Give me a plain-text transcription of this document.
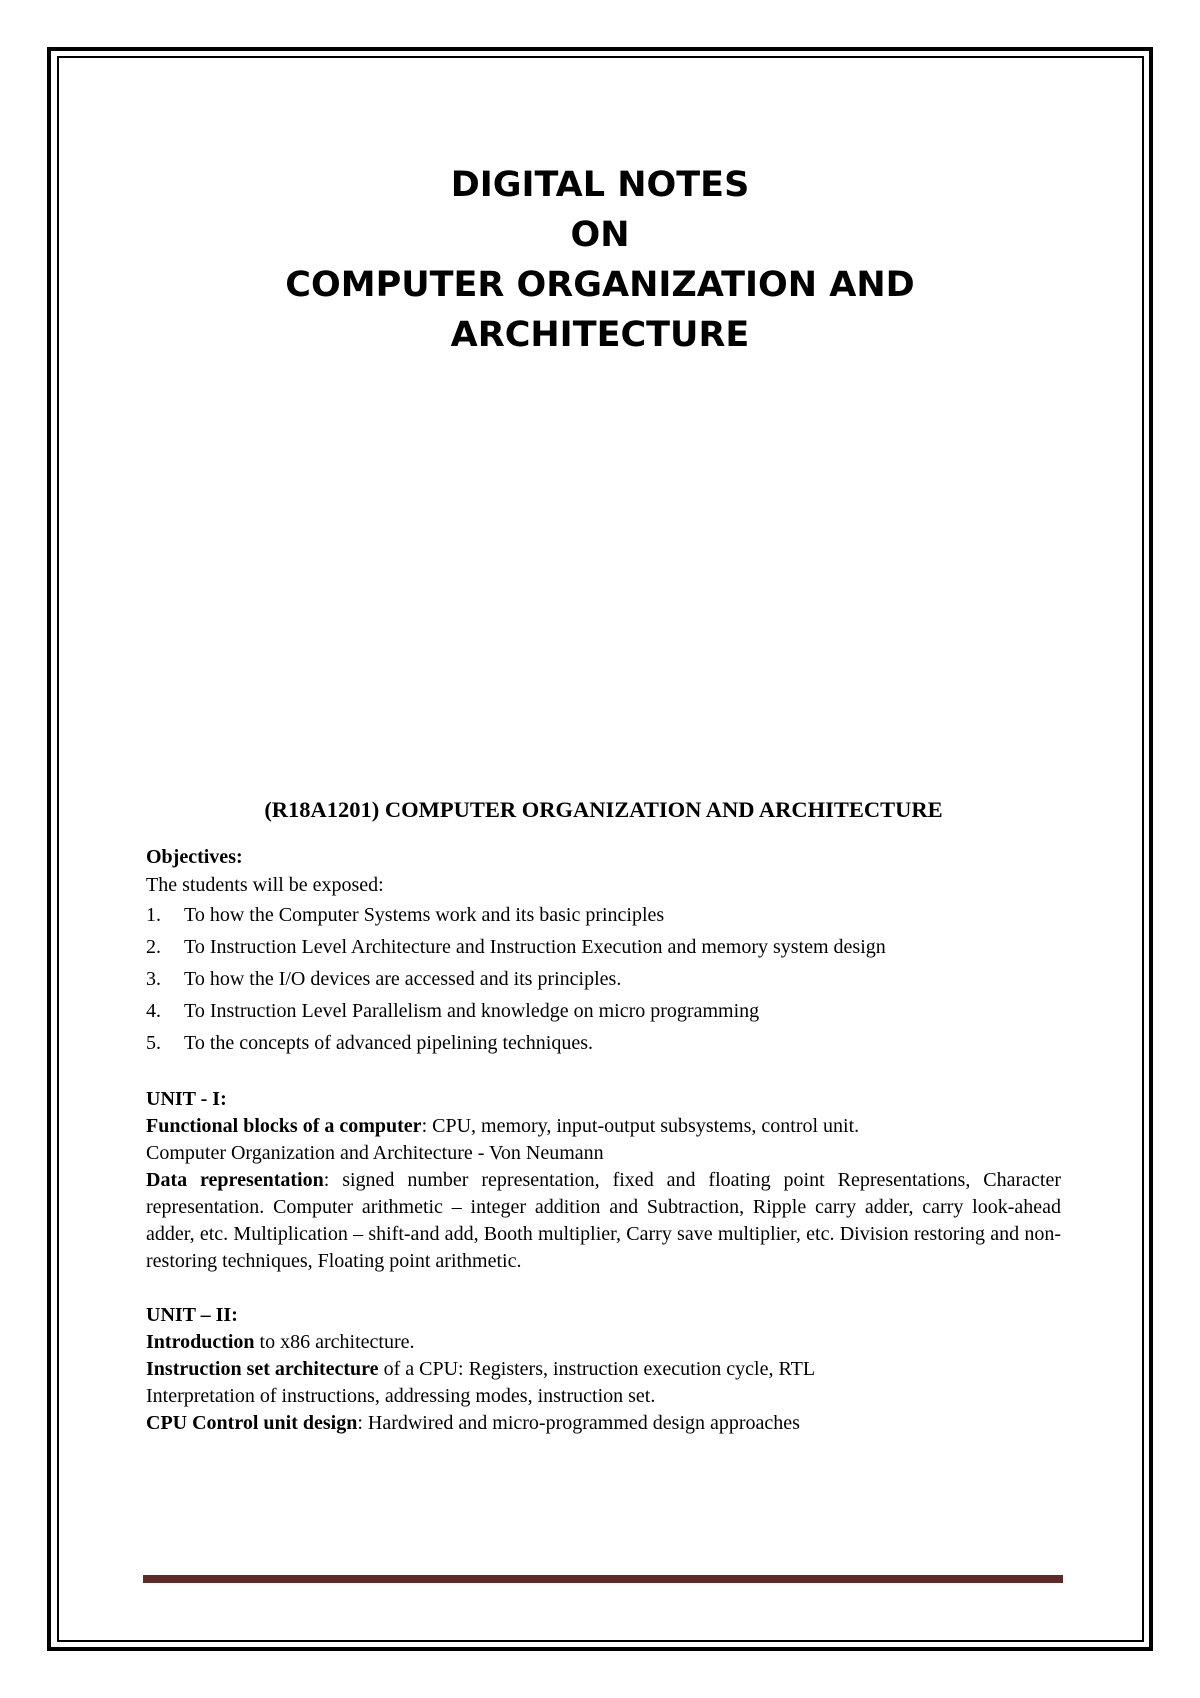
DIGITAL NOTES
ON
COMPUTER ORGANIZATION AND
ARCHITECTURE
(R18A1201) COMPUTER ORGANIZATION AND ARCHITECTURE
Objectives:
The students will be exposed:
1.	To how the Computer Systems work and its basic principles
2.	To Instruction Level Architecture and Instruction Execution and memory system design
3.	To how the I/O devices are accessed and its principles.
4.	To Instruction Level Parallelism and knowledge on micro programming
5.	To the concepts of advanced pipelining techniques.
UNIT - I:
Functional blocks of a computer: CPU, memory, input-output subsystems, control unit.
Computer Organization and Architecture - Von Neumann
Data representation: signed number representation, fixed and floating point Representations, Character representation. Computer arithmetic – integer addition and Subtraction, Ripple carry adder, carry look-ahead adder, etc. Multiplication – shift-and add, Booth multiplier, Carry save multiplier, etc. Division restoring and non-restoring techniques, Floating point arithmetic.
UNIT – II:
Introduction to x86 architecture.
Instruction set architecture of a CPU: Registers, instruction execution cycle, RTL
Interpretation of instructions, addressing modes, instruction set.
CPU Control unit design: Hardwired and micro-programmed design approaches
